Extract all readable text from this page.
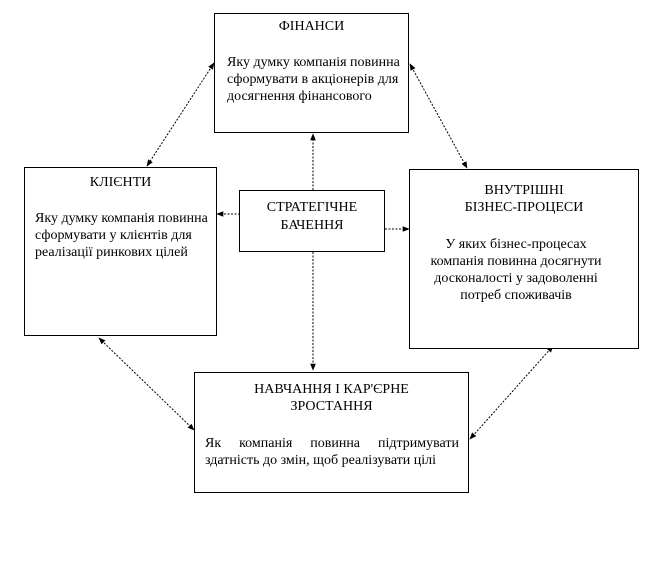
ФІНАНСИ
Яку думку компанія повинна сформувати в акціонерів для досягнення фінансового
КЛІЄНТИ
Яку думку компанія повинна сформувати у клієнтів для реалізації ринкових цілей
СТРАТЕГІЧНЕ БАЧЕННЯ
ВНУТРІШНІ
БІЗНЕС-ПРОЦЕСИ
У яких бізнес-процесах компанія повинна досягнути досконалості у задоволенні потреб споживачів
НАВЧАННЯ І КАР'ЄРНЕ ЗРОСТАННЯ
Як компанія повинна підтримувати здатність до змін, щоб реалізувати цілі
